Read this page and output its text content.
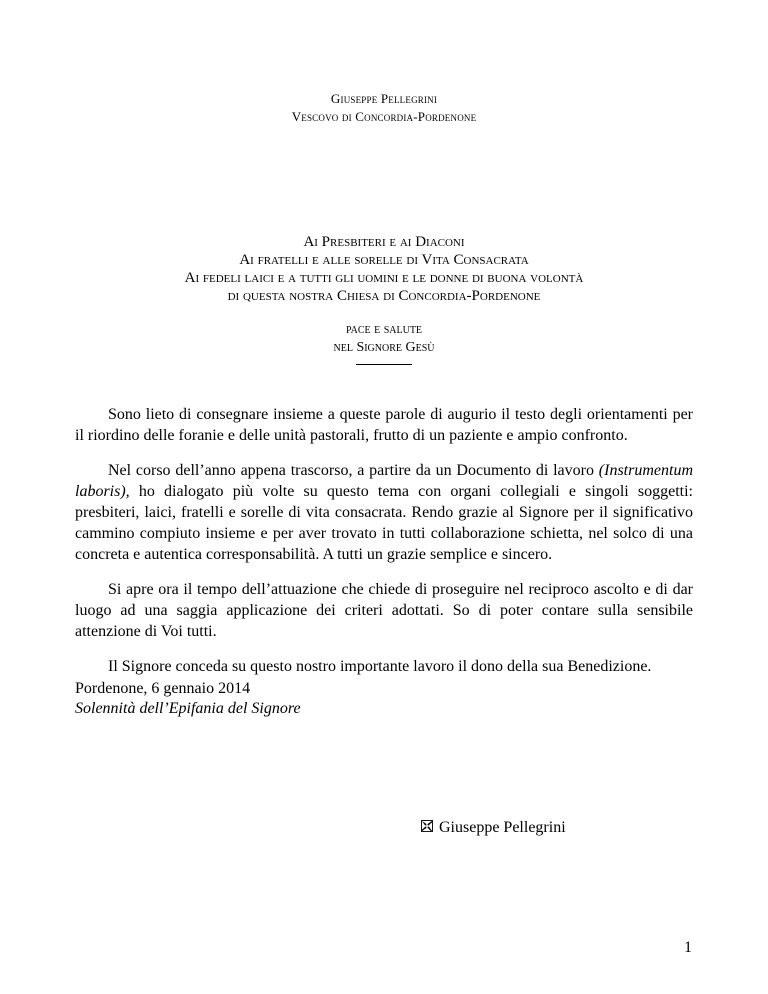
Giuseppe Pellegrini
Vescovo di Concordia-Pordenone
Ai Presbiteri e ai Diaconi
Ai fratelli e alle sorelle di Vita Consacrata
Ai fedeli laici e a tutti gli uomini e le donne di buona volontà
di questa nostra Chiesa di Concordia-Pordenone
pace e salute
nel Signore Gesù

Sono lieto di consegnare insieme a queste parole di augurio il testo degli orientamenti per il riordino delle foranie e delle unità pastorali, frutto di un paziente e ampio confronto.

Nel corso dell’anno appena trascorso, a partire da un Documento di lavoro (Instrumentum laboris), ho dialogato più volte su questo tema con organi collegiali e singoli soggetti: presbiteri, laici, fratelli e sorelle di vita consacrata. Rendo grazie al Signore per il significativo cammino compiuto insieme e per aver trovato in tutti collaborazione schietta, nel solco di una concreta e autentica corresponsabilità. A tutti un grazie semplice e sincero.

Si apre ora il tempo dell’attuazione che chiede di proseguire nel reciproco ascolto e di dar luogo ad una saggia applicazione dei criteri adottati. So di poter contare sulla sensibile attenzione di Voi tutti.

Il Signore conceda su questo nostro importante lavoro il dono della sua Benedizione.

Pordenone, 6 gennaio 2014
Solennità dell’Epifania del Signore
Giuseppe Pellegrini
1
